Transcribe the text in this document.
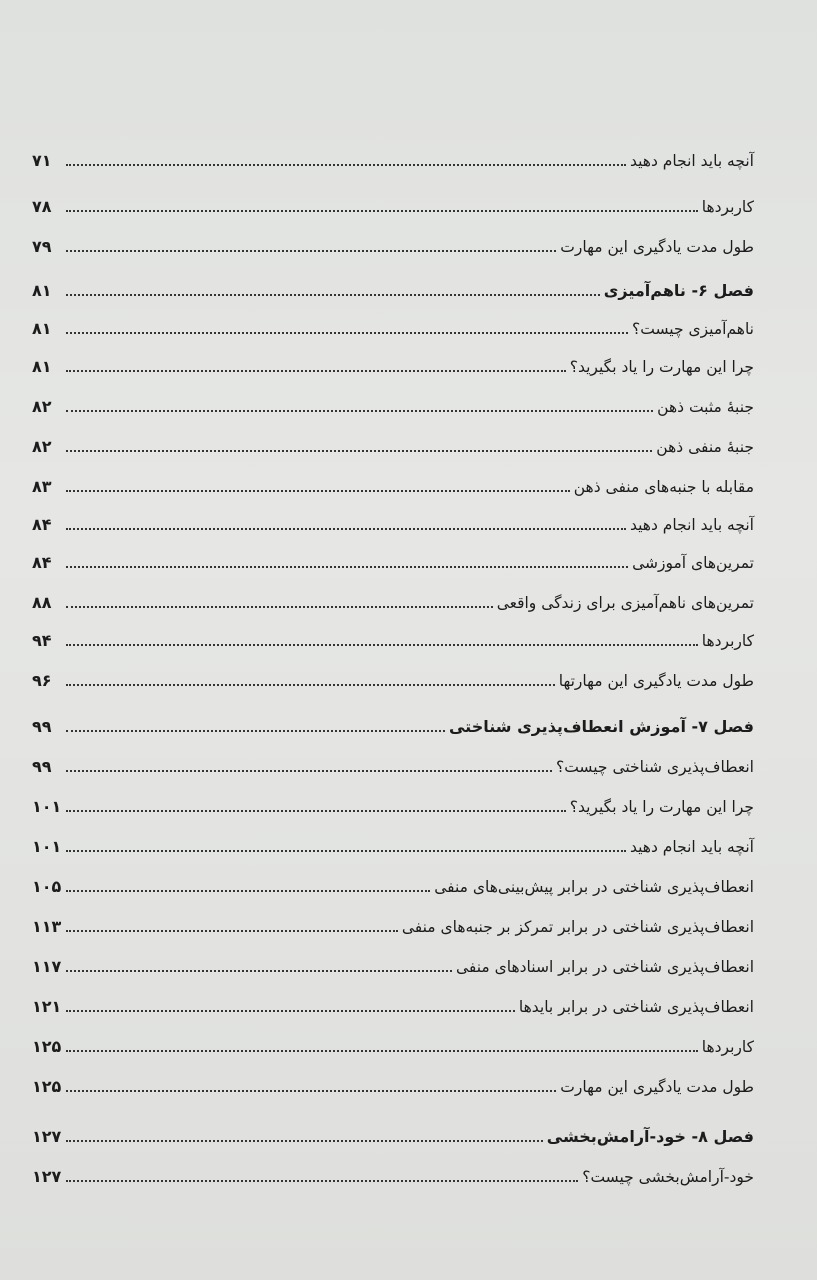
آنچه باید انجام دهید
۷۱
کاربردها
۷۸
طول مدت یادگیری این مهارت
۷۹
فصل ۶- ناهم‌آمیزی
۸۱
ناهم‌آمیزی چیست؟
۸۱
چرا این مهارت را یاد بگیرید؟
۸۱
جنبهٔ مثبت ذهن
۸۲
جنبهٔ منفی ذهن
۸۲
مقابله با جنبه‌های منفی ذهن
۸۳
آنچه باید انجام دهید
۸۴
تمرین‌های آموزشی
۸۴
تمرین‌های ناهم‌آمیزی برای زندگی واقعی
۸۸
کاربردها
۹۴
طول مدت یادگیری این مهارتها
۹۶
فصل ۷- آموزش انعطاف‌پذیری شناختی
۹۹
انعطاف‌پذیری شناختی چیست؟
۹۹
چرا این مهارت را یاد بگیرید؟
۱۰۱
آنچه باید انجام دهید
۱۰۱
انعطاف‌پذیری شناختی در برابر پیش‌بینی‌های منفی
۱۰۵
انعطاف‌پذیری شناختی در برابر تمرکز بر جنبه‌های منفی
۱۱۳
انعطاف‌پذیری شناختی در برابر اسنادهای منفی
۱۱۷
انعطاف‌پذیری شناختی در برابر بایدها
۱۲۱
کاربردها
۱۲۵
طول مدت یادگیری این مهارت
۱۲۵
فصل ۸- خود-آرامش‌بخشی
۱۲۷
خود-آرامش‌بخشی چیست؟
۱۲۷
